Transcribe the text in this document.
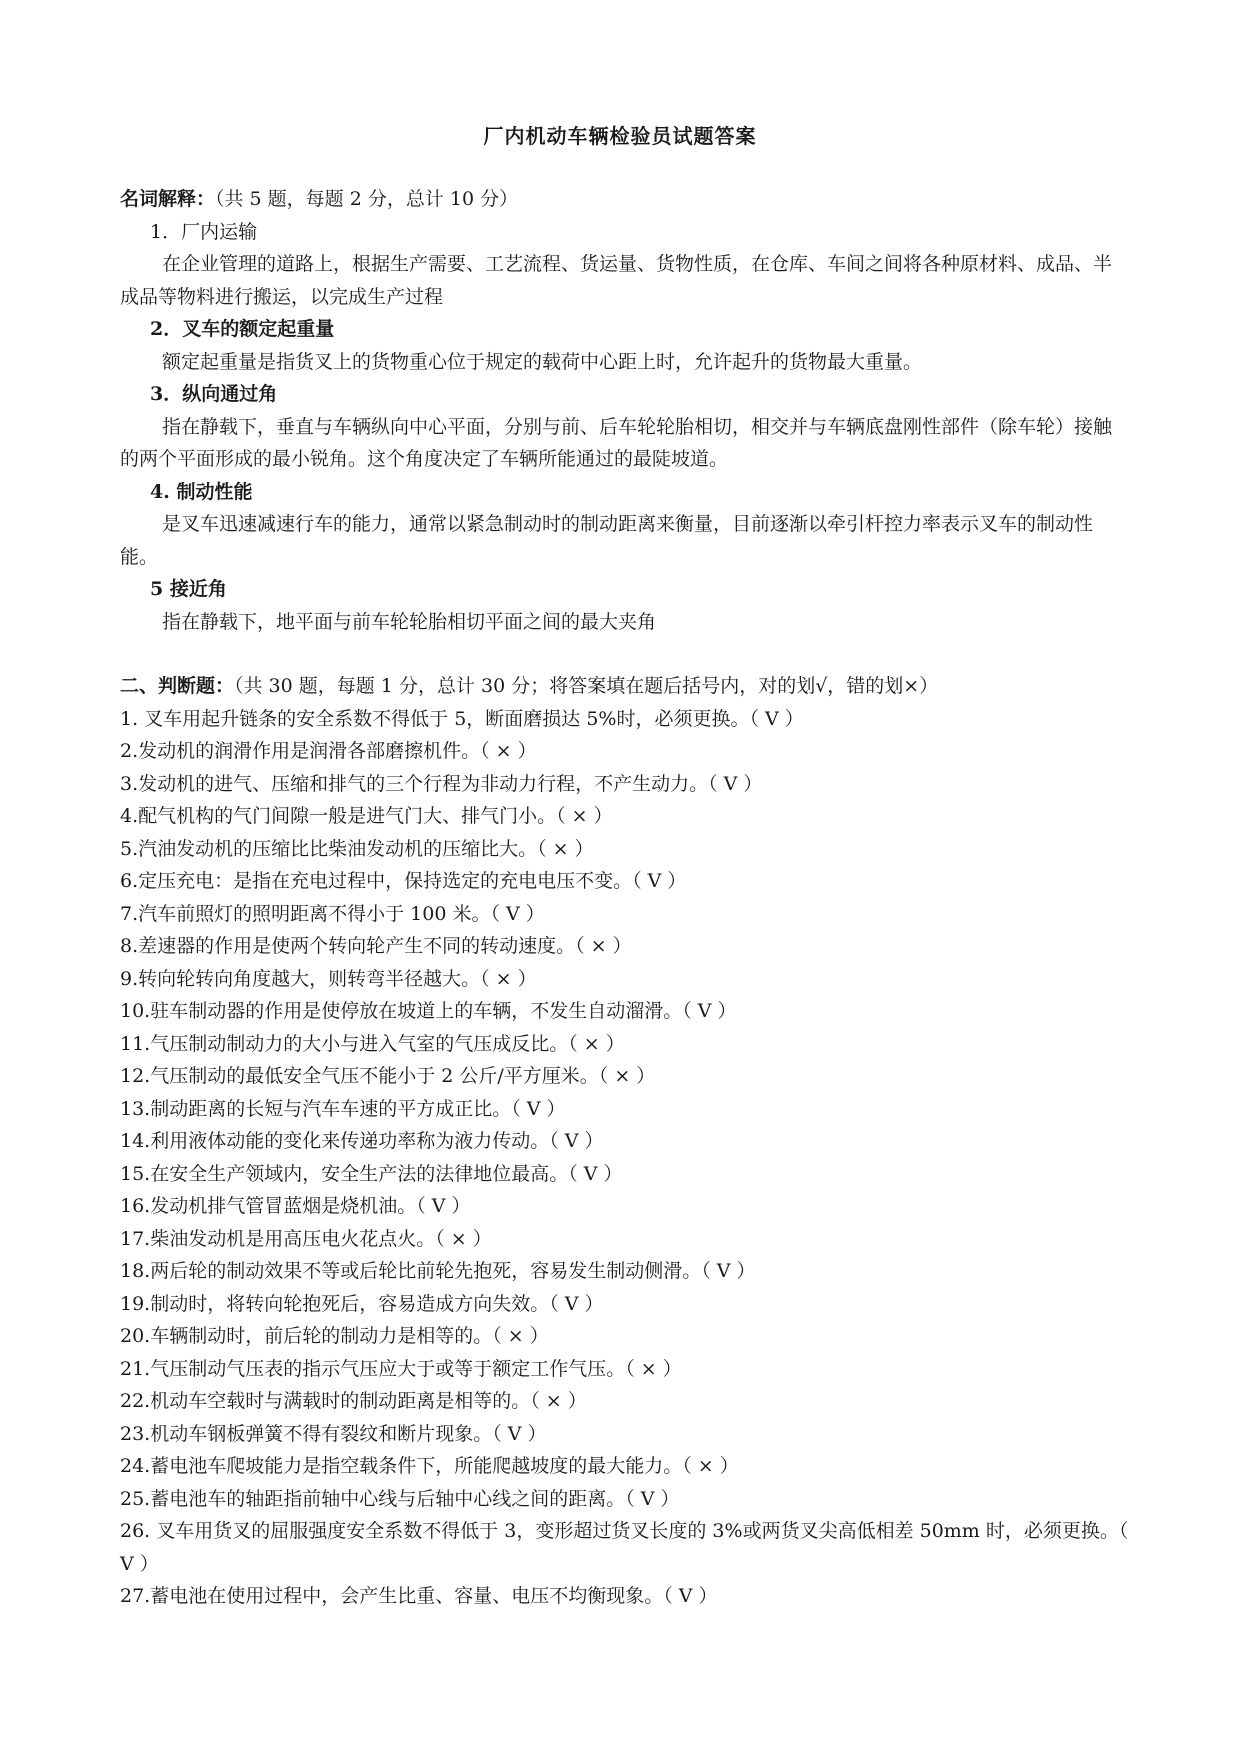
厂内机动车辆检验员试题答案
名词解释：（共 5 题，每题 2 分，总计 10 分）
1．厂内运输
在企业管理的道路上，根据生产需要、工艺流程、货运量、货物性质，在仓库、车间之间将各种原材料、成品、半成品等物料进行搬运，以完成生产过程
2．叉车的额定起重量
额定起重量是指货叉上的货物重心位于规定的载荷中心距上时，允许起升的货物最大重量。
3．纵向通过角
指在静载下，垂直与车辆纵向中心平面，分别与前、后车轮轮胎相切，相交并与车辆底盘刚性部件（除车轮）接触的两个平面形成的最小锐角。这个角度决定了车辆所能通过的最陡坡道。
4. 制动性能
是叉车迅速减速行车的能力，通常以紧急制动时的制动距离来衡量，目前逐渐以牵引杆控力率表示叉车的制动性能。
5 接近角
指在静载下，地平面与前车轮轮胎相切平面之间的最大夹角
二、判断题：（共 30 题，每题 1 分，总计 30 分；将答案填在题后括号内，对的划√，错的划×）
1. 叉车用起升链条的安全系数不得低于 5，断面磨损达 5%时，必须更换。（ V ）
2.发动机的润滑作用是润滑各部磨擦机件。（ × ）
3.发动机的进气、压缩和排气的三个行程为非动力行程，不产生动力。（ V ）
4.配气机构的气门间隙一般是进气门大、排气门小。（ × ）
5.汽油发动机的压缩比比柴油发动机的压缩比大。（ × ）
6.定压充电：是指在充电过程中，保持选定的充电电压不变。（ V ）
7.汽车前照灯的照明距离不得小于 100 米。（ V ）
8.差速器的作用是使两个转向轮产生不同的转动速度。（ × ）
9.转向轮转向角度越大，则转弯半径越大。（ × ）
10.驻车制动器的作用是使停放在坡道上的车辆，不发生自动溜滑。（ V ）
11.气压制动制动力的大小与进入气室的气压成反比。（ × ）
12.气压制动的最低安全气压不能小于 2 公斤/平方厘米。（ × ）
13.制动距离的长短与汽车车速的平方成正比。（ V ）
14.利用液体动能的变化来传递功率称为液力传动。（ V ）
15.在安全生产领域内，安全生产法的法律地位最高。（ V ）
16.发动机排气管冒蓝烟是烧机油。（ V ）
17.柴油发动机是用高压电火花点火。（ × ）
18.两后轮的制动效果不等或后轮比前轮先抱死，容易发生制动侧滑。（ V ）
19.制动时，将转向轮抱死后，容易造成方向失效。（ V ）
20.车辆制动时，前后轮的制动力是相等的。（ × ）
21.气压制动气压表的指示气压应大于或等于额定工作气压。（ × ）
22.机动车空载时与满载时的制动距离是相等的。（ × ）
23.机动车钢板弹簧不得有裂纹和断片现象。（ V ）
24.蓄电池车爬坡能力是指空载条件下，所能爬越坡度的最大能力。（ × ）
25.蓄电池车的轴距指前轴中心线与后轴中心线之间的距离。（ V ）
26. 叉车用货叉的屈服强度安全系数不得低于 3，变形超过货叉长度的 3%或两货叉尖高低相差 50mm 时，必须更换。（ V ）
27.蓄电池在使用过程中，会产生比重、容量、电压不均衡现象。（ V ）
